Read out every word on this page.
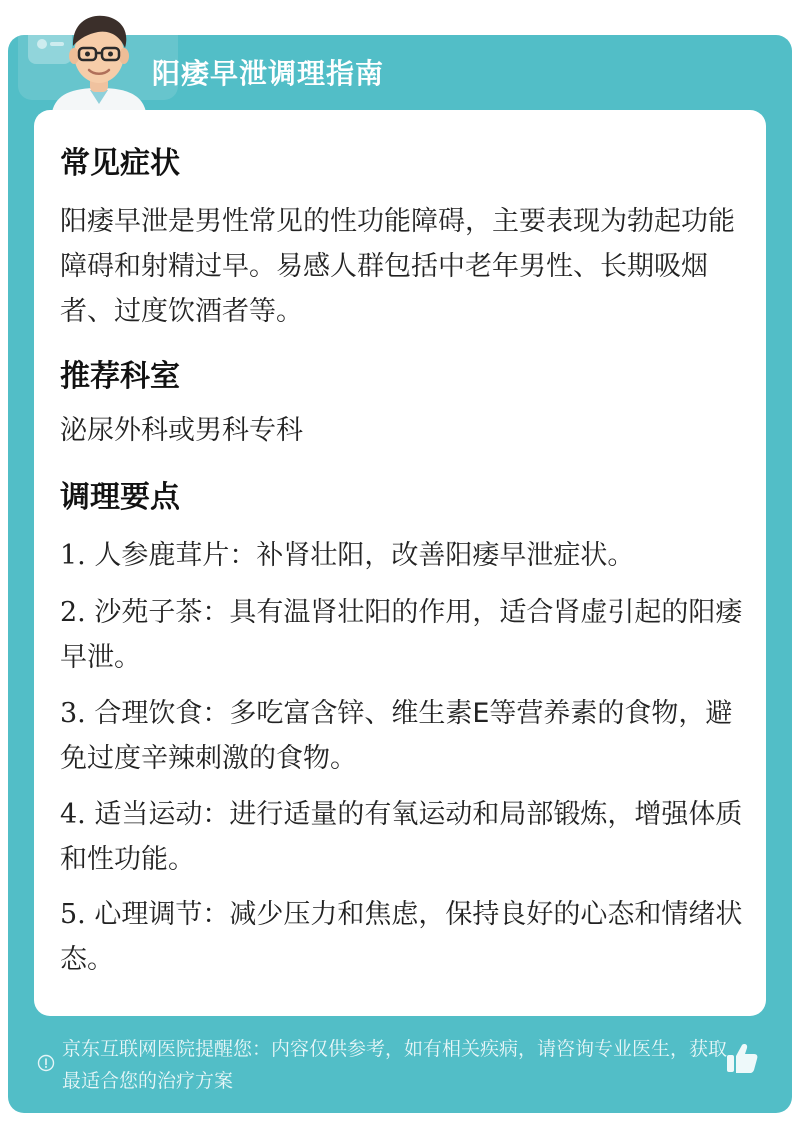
阳痿早泄调理指南
常见症状
阳痿早泄是男性常见的性功能障碍，主要表现为勃起功能障碍和射精过早。易感人群包括中老年男性、长期吸烟者、过度饮酒者等。
推荐科室
泌尿外科或男科专科
调理要点
1. 人参鹿茸片：补肾壮阳，改善阳痿早泄症状。
2. 沙苑子茶：具有温肾壮阳的作用，适合肾虚引起的阳痿早泄。
3. 合理饮食：多吃富含锌、维生素E等营养素的食物，避免过度辛辣刺激的食物。
4. 适当运动：进行适量的有氧运动和局部锻炼，增强体质和性功能。
5. 心理调节：减少压力和焦虑，保持良好的心态和情绪状态。
京东互联网医院提醒您：内容仅供参考，如有相关疾病，请咨询专业医生，获取最适合您的治疗方案
